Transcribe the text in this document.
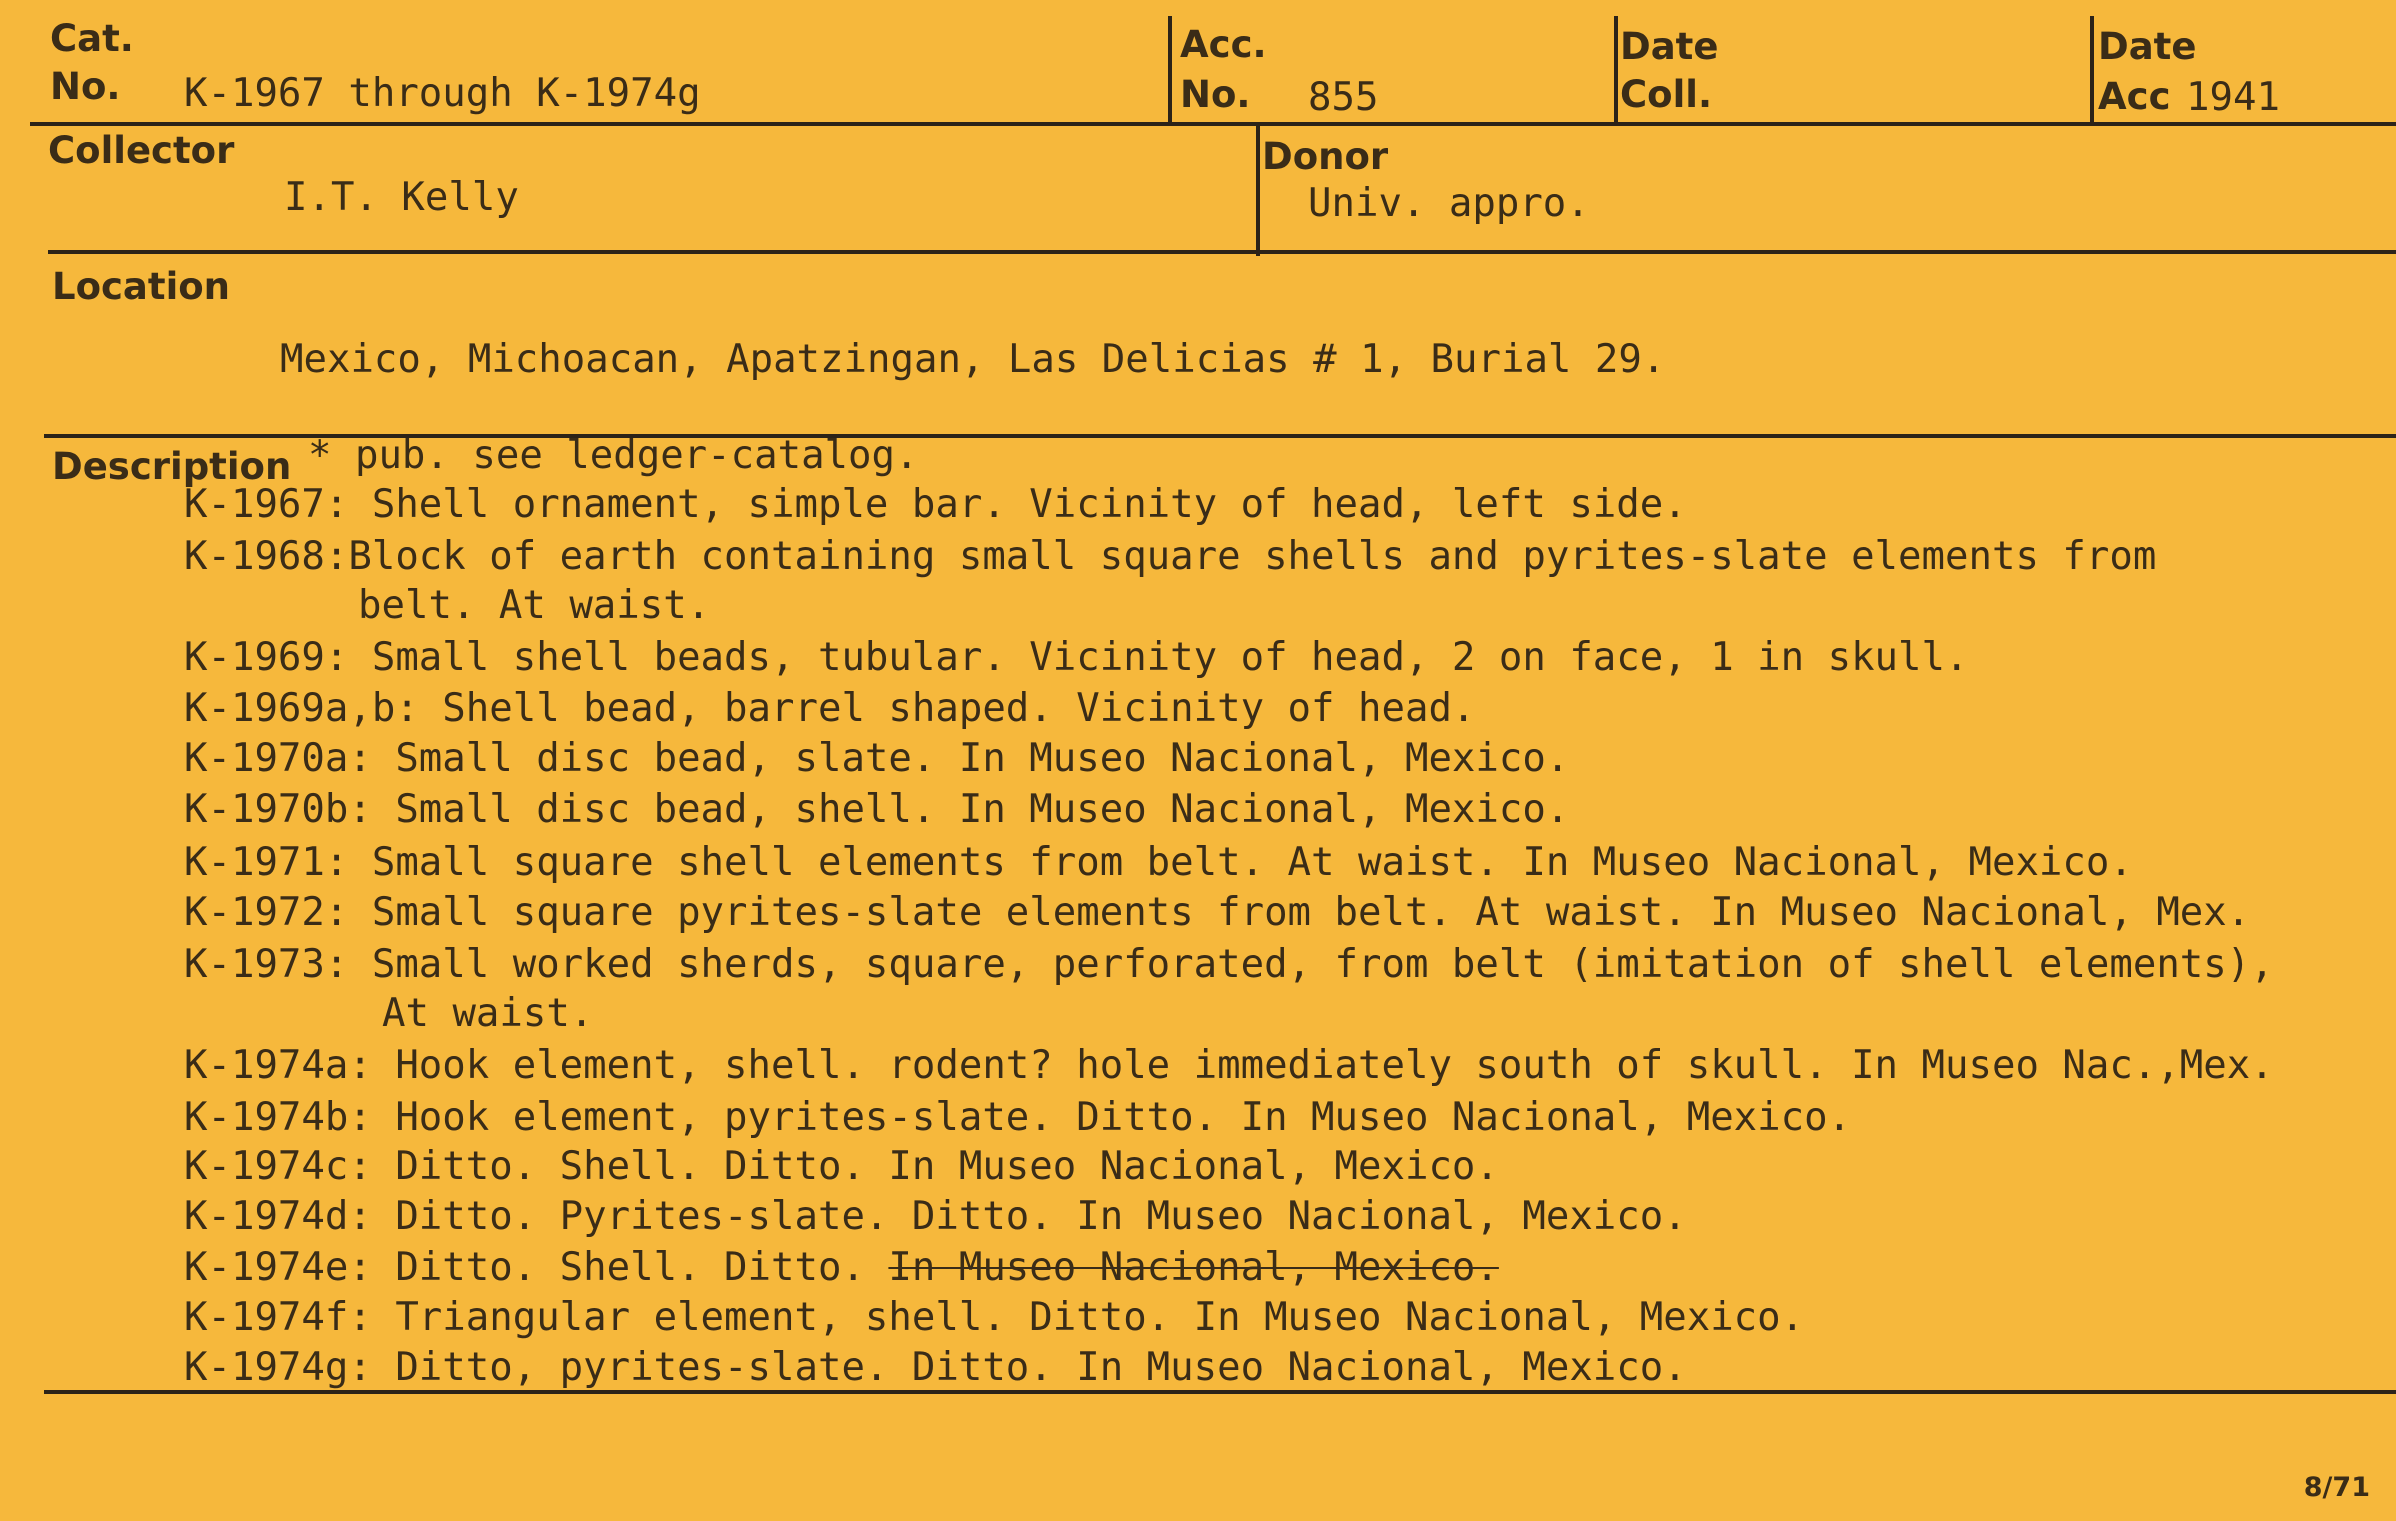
Cat.
No. K-1967 through K-1974g
Acc.
No. 855
Date
Coll.
Date
Acc 1941
Collector
I.T. Kelly
Donor
Univ. appro.
Location
Mexico, Michoacan, Apatzingan, Las Delicias # 1, Burial 29.
Description * pub. see ledger-catalog.
K-1967: Shell ornament, simple bar. Vicinity of head, left side.
K-1968:Block of earth containing small square shells and pyrites-slate elements from
belt. At waist.
K-1969: Small shell beads, tubular. Vicinity of head, 2 on face, 1 in skull.
K-1969a,b: Shell bead, barrel shaped. Vicinity of head.
K-1970a: Small disc bead, slate. In Museo Nacional, Mexico.
K-1970b: Small disc bead, shell. In Museo Nacional, Mexico.
K-1971: Small square shell elements from belt. At waist. In Museo Nacional, Mexico.
K-1972: Small square pyrites-slate elements from belt. At waist. In Museo Nacional, Mex.
K-1973: Small worked sherds, square, perforated, from belt (imitation of shell elements),
At waist.
K-1974a: Hook element, shell. rodent? hole immediately south of skull. In Museo Nac.,Mex.
K-1974b: Hook element, pyrites-slate. Ditto. In Museo Nacional, Mexico.
K-1974c: Ditto. Shell. Ditto. In Museo Nacional, Mexico.
K-1974d: Ditto. Pyrites-slate. Ditto. In Museo Nacional, Mexico.
K-1974e: Ditto. Shell. Ditto. In Museo Nacional, Mexico.
K-1974f: Triangular element, shell. Ditto. In Museo Nacional, Mexico.
K-1974g: Ditto, pyrites-slate. Ditto. In Museo Nacional, Mexico.
8/71
